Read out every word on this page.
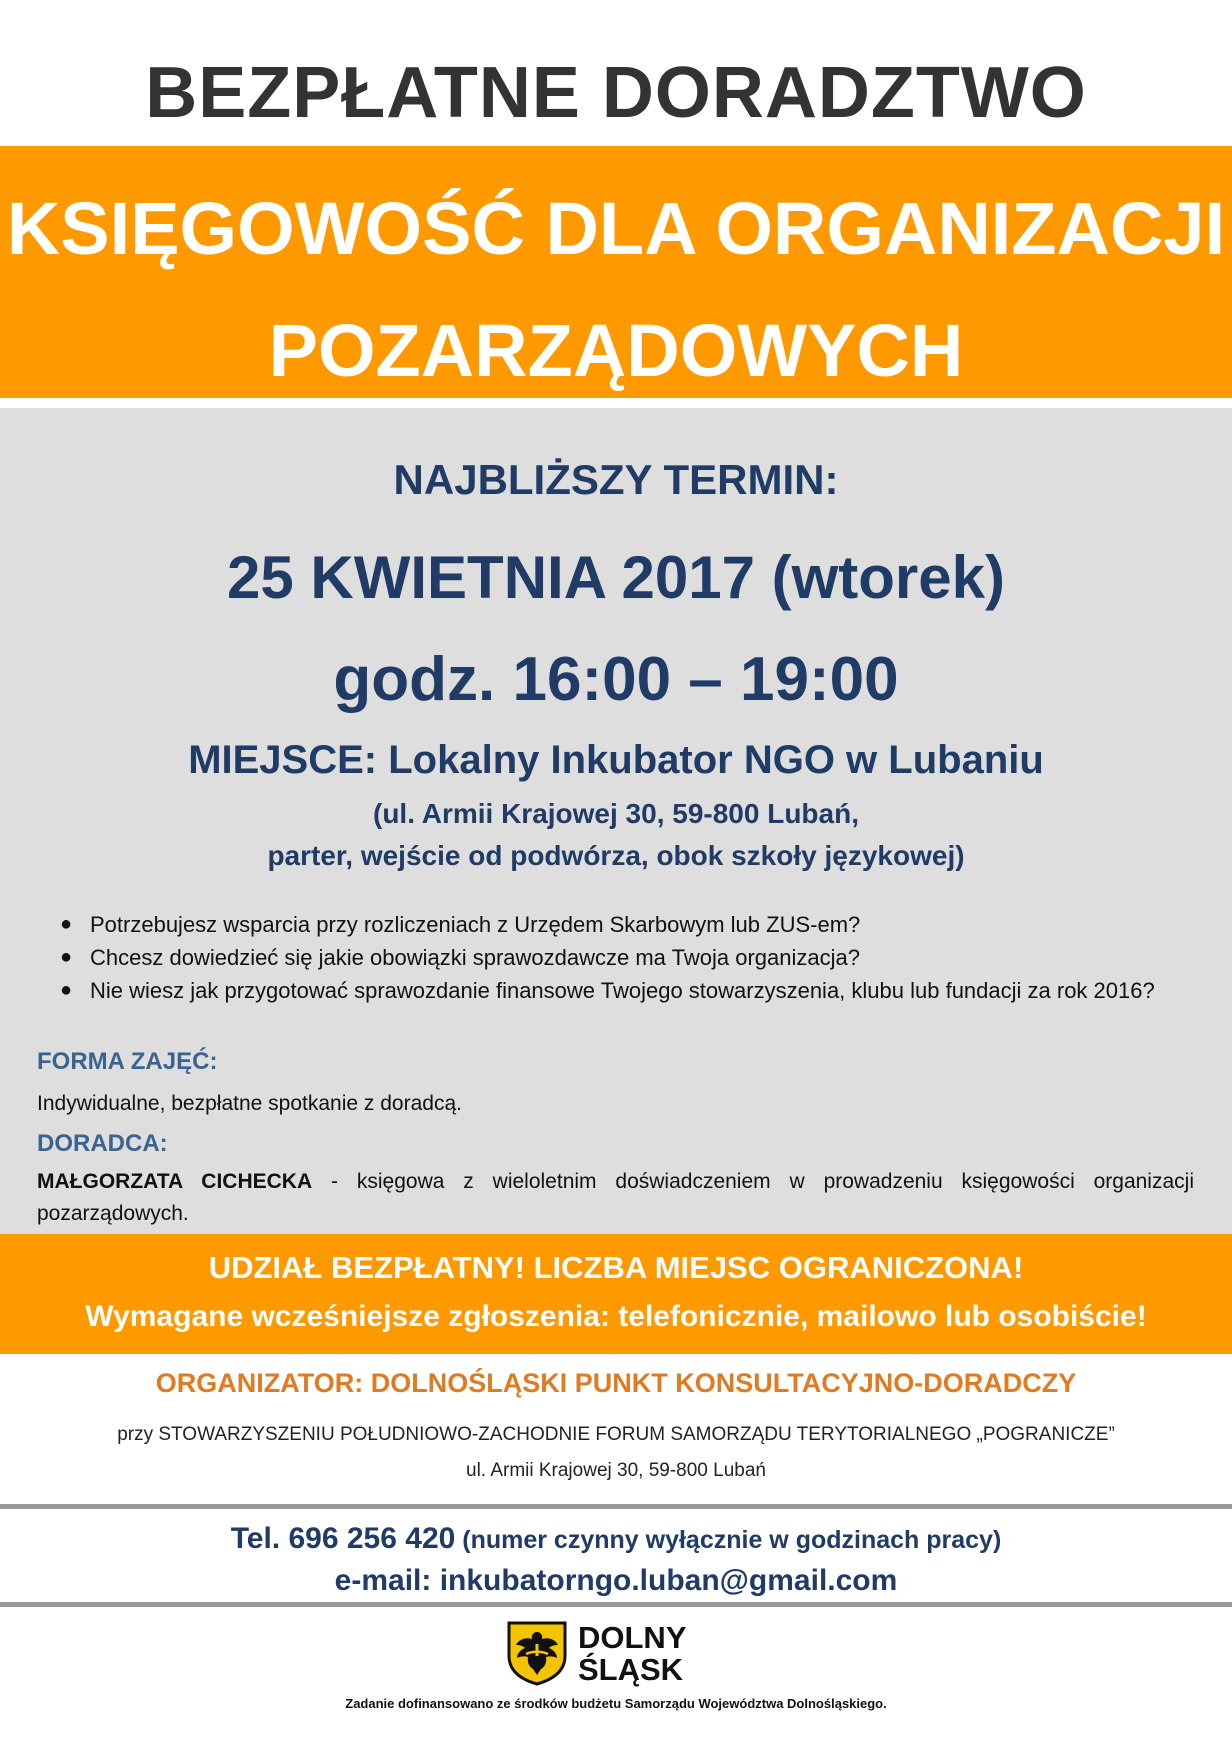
BEZPŁATNE DORADZTWO
KSIĘGOWOŚĆ DLA ORGANIZACJI
POZARZĄDOWYCH
NAJBLIŻSZY TERMIN:
25 KWIETNIA 2017 (wtorek)
godz. 16:00 – 19:00
MIEJSCE: Lokalny Inkubator NGO w Lubaniu
(ul. Armii Krajowej 30, 59-800 Lubań,
parter, wejście od podwórza, obok szkoły językowej)
● Potrzebujesz wsparcia przy rozliczeniach z Urzędem Skarbowym lub ZUS-em?
● Chcesz dowiedzieć się jakie obowiązki sprawozdawcze ma Twoja organizacja?
● Nie wiesz jak przygotować sprawozdanie finansowe Twojego stowarzyszenia, klubu lub fundacji za rok 2016?
FORMA ZAJĘĆ:
Indywidualne, bezpłatne spotkanie z doradcą.
DORADCA:
MAŁGORZATA CICHECKA - księgowa z wieloletnim doświadczeniem w prowadzeniu księgowości organizacji pozarządowych.
UDZIAŁ BEZPŁATNY! LICZBA MIEJSC OGRANICZONA!
Wymagane wcześniejsze zgłoszenia: telefonicznie, mailowo lub osobiście!
ORGANIZATOR: DOLNOŚLĄSKI PUNKT KONSULTACYJNO-DORADCZY
przy STOWARZYSZENIU POŁUDNIOWO-ZACHODNIE FORUM SAMORZĄDU TERYTORIALNEGO „POGRANICZE”
ul. Armii Krajowej 30, 59-800 Lubań
Tel. 696 256 420 (numer czynny wyłącznie w godzinach pracy)
e-mail: inkubatorngo.luban@gmail.com
DOLNY
ŚLĄSK
Zadanie dofinansowano ze środków budżetu Samorządu Województwa Dolnośląskiego.
